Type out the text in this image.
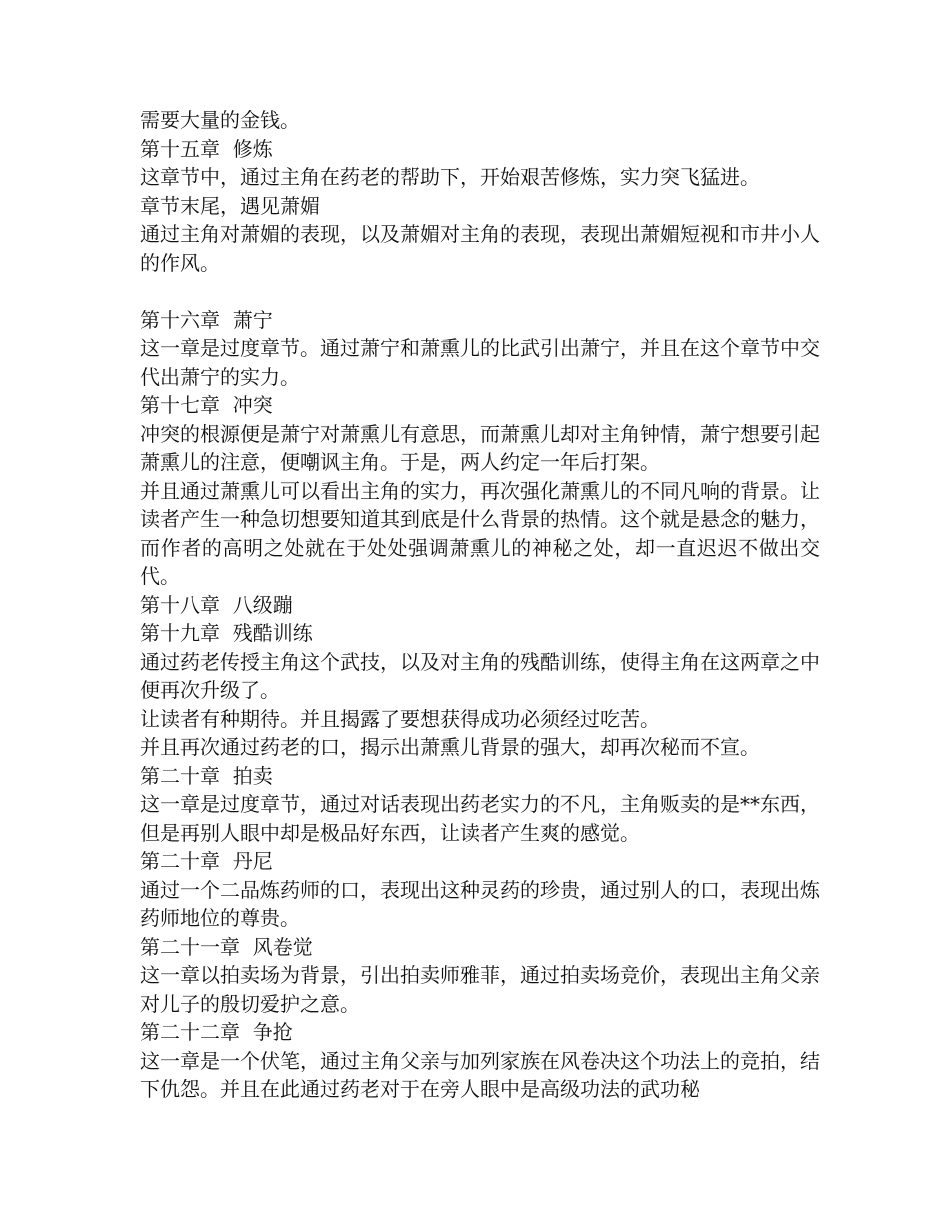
需要大量的金钱。

第十五章  修炼

这章节中，通过主角在药老的帮助下，开始艰苦修炼，实力突飞猛进。

章节末尾，遇见萧媚

通过主角对萧媚的表现，以及萧媚对主角的表现，表现出萧媚短视和市井小人的作风。

第十六章  萧宁

这一章是过度章节。通过萧宁和萧熏儿的比武引出萧宁，并且在这个章节中交代出萧宁的实力。

第十七章  冲突

冲突的根源便是萧宁对萧熏儿有意思，而萧熏儿却对主角钟情，萧宁想要引起萧熏儿的注意，便嘲讽主角。于是，两人约定一年后打架。

并且通过萧熏儿可以看出主角的实力，再次强化萧熏儿的不同凡响的背景。让读者产生一种急切想要知道其到底是什么背景的热情。这个就是悬念的魅力，而作者的高明之处就在于处处强调萧熏儿的神秘之处，却一直迟迟不做出交代。

第十八章  八级蹦

第十九章  残酷训练

通过药老传授主角这个武技，以及对主角的残酷训练，使得主角在这两章之中便再次升级了。

让读者有种期待。并且揭露了要想获得成功必须经过吃苦。

并且再次通过药老的口，揭示出萧熏儿背景的强大，却再次秘而不宣。

第二十章  拍卖

这一章是过度章节，通过对话表现出药老实力的不凡，主角贩卖的是**东西，但是再别人眼中却是极品好东西，让读者产生爽的感觉。

第二十章  丹尼

通过一个二品炼药师的口，表现出这种灵药的珍贵，通过别人的口，表现出炼药师地位的尊贵。

第二十一章  风卷觉

这一章以拍卖场为背景，引出拍卖师雅菲，通过拍卖场竞价，表现出主角父亲对儿子的殷切爱护之意。

第二十二章  争抢

这一章是一个伏笔，通过主角父亲与加列家族在风卷决这个功法上的竞拍，结下仇怨。并且在此通过药老对于在旁人眼中是高级功法的武功秘
